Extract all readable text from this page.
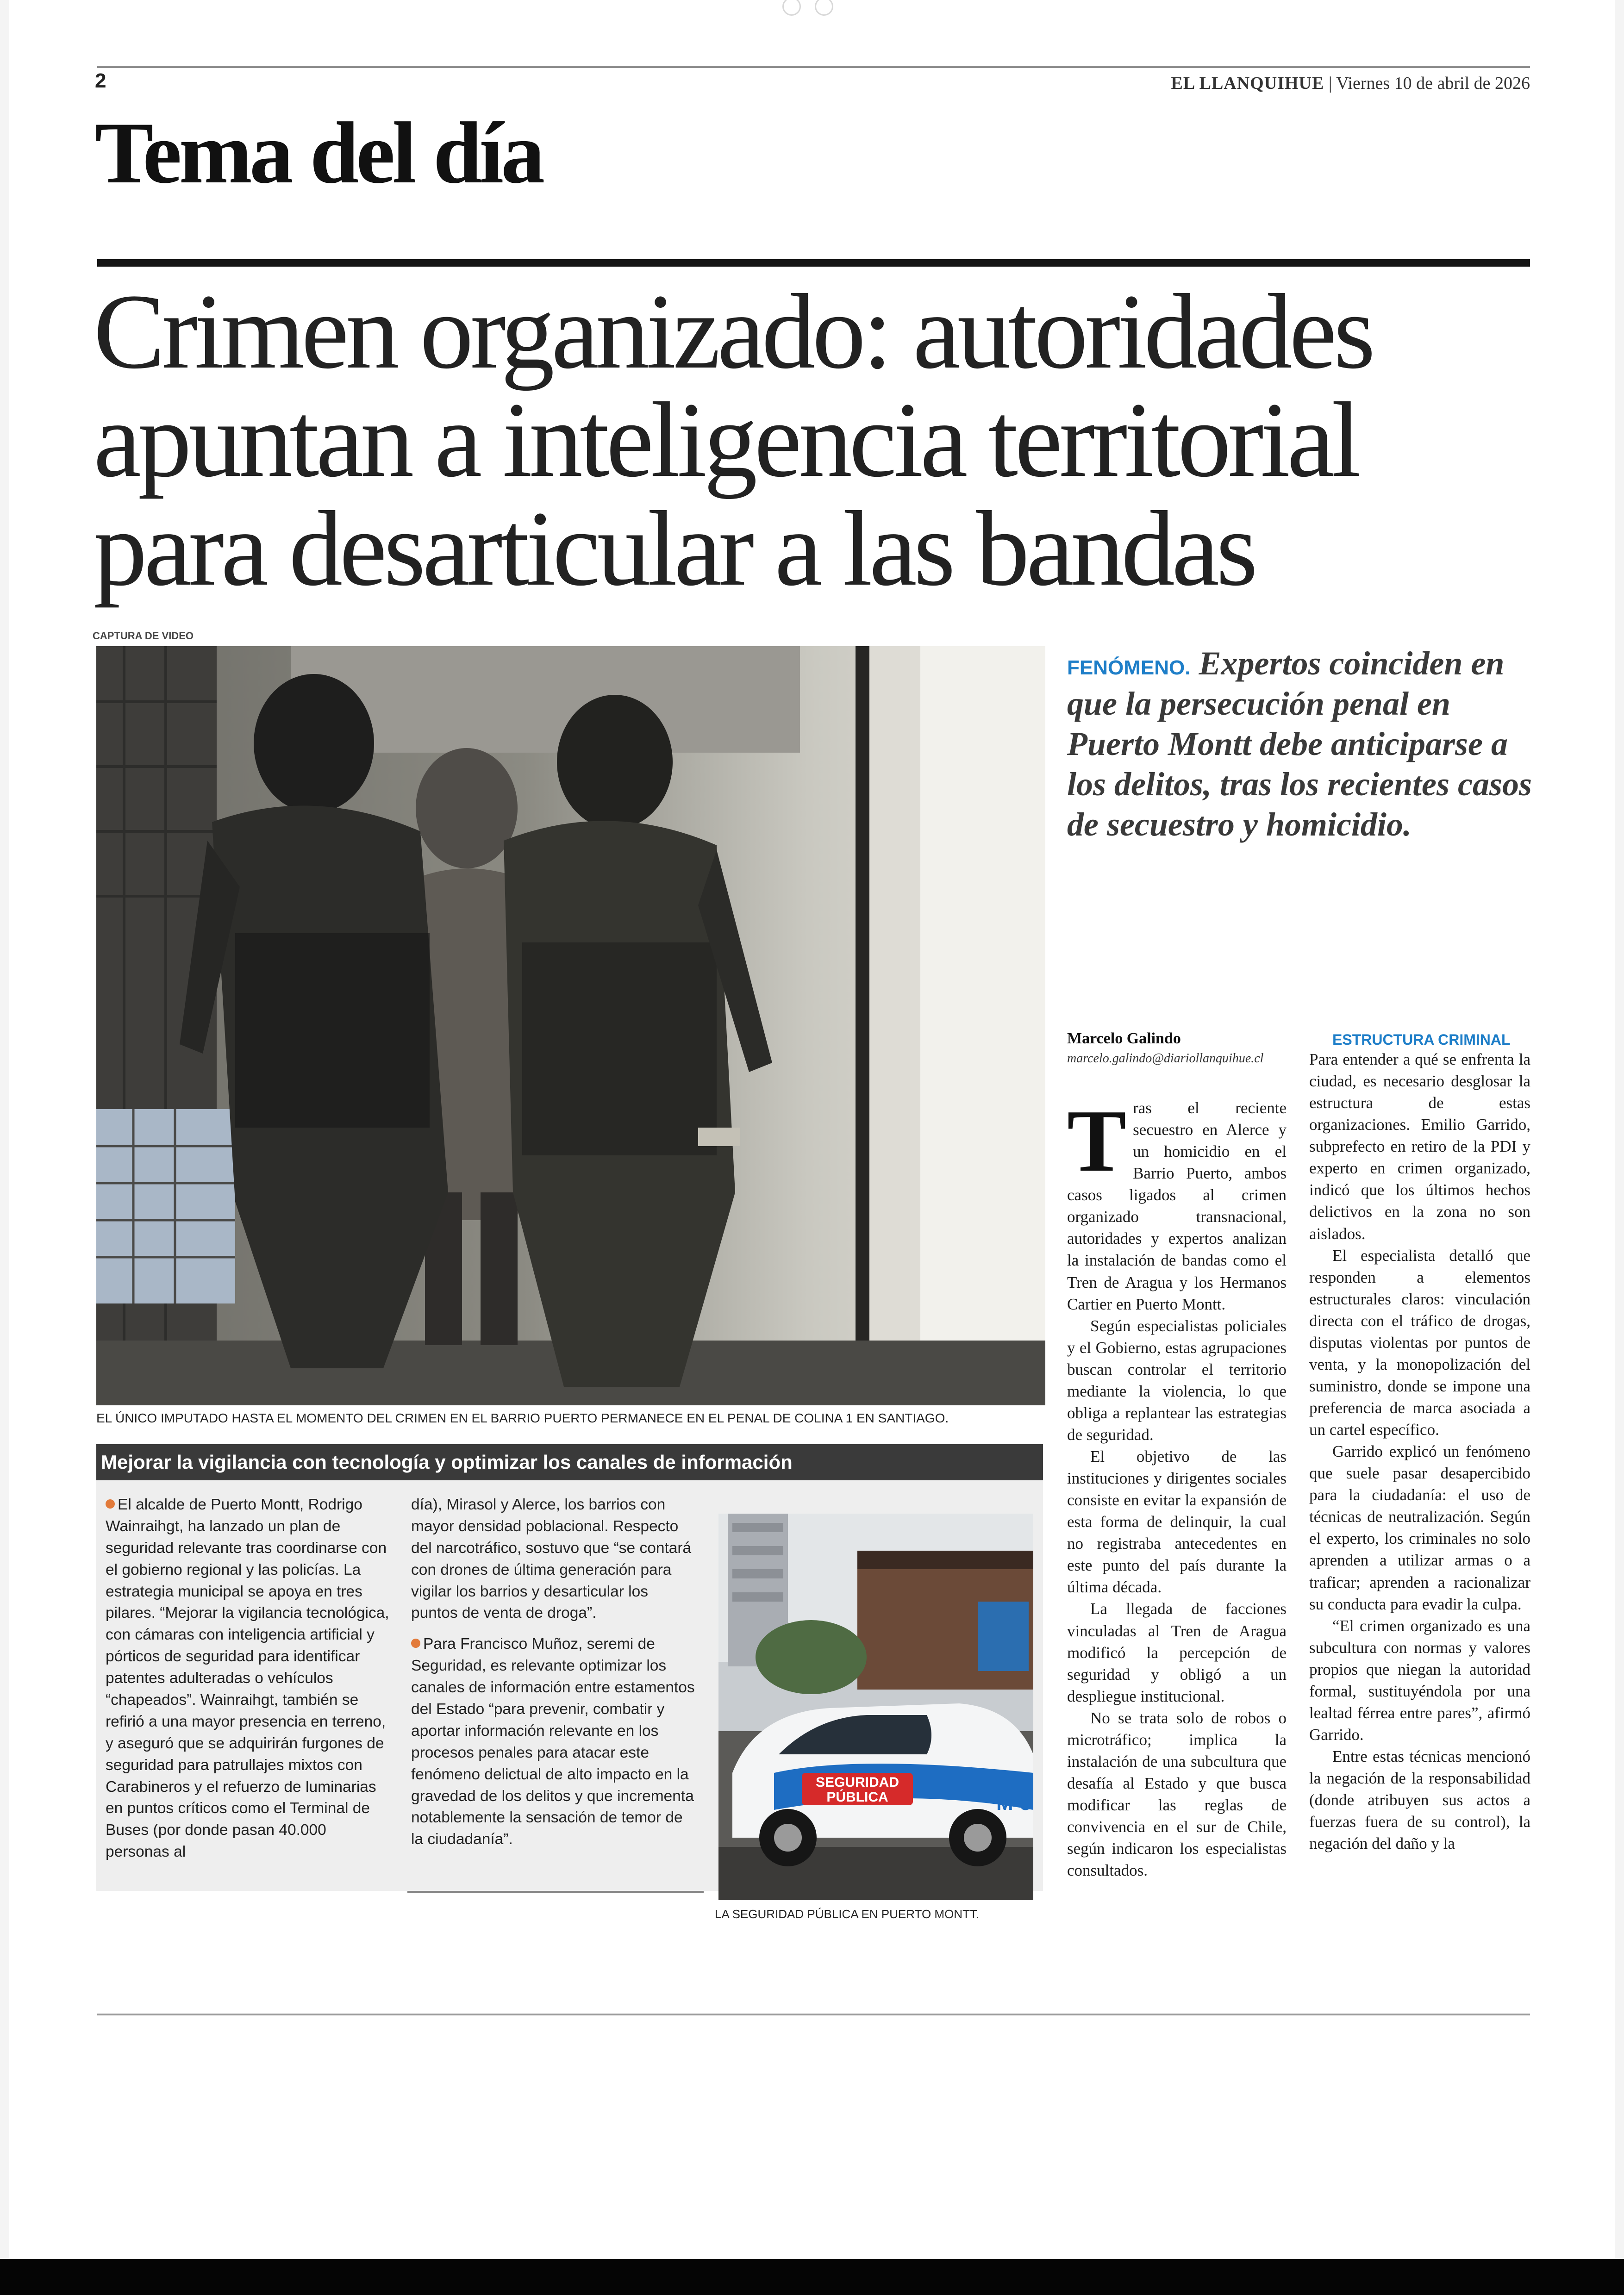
2	EL LLANQUIHUE | Viernes 10 de abril de 2026
Tema del día
Crimen organizado: autoridades apuntan a inteligencia territorial para desarticular a las bandas
CAPTURA DE VIDEO
EL ÚNICO IMPUTADO HASTA EL MOMENTO DEL CRIMEN EN EL BARRIO PUERTO PERMANECE EN EL PENAL DE COLINA 1 EN SANTIAGO.
FENÓMENO. Expertos coinciden en que la persecución penal en Puerto Montt debe anticiparse a los delitos, tras los recientes casos de secuestro y homicidio.
Marcelo Galindo
marcelo.galindo@diariollanquihue.cl

Tras el reciente secuestro en Alerce y un homicidio en el Barrio Puerto, ambos casos ligados al crimen organizado transnacional, autoridades y expertos analizan la instalación de bandas como el Tren de Aragua y los Hermanos Cartier en Puerto Montt.

Según especialistas policiales y el Gobierno, estas agrupaciones buscan controlar el territorio mediante la violencia, lo que obliga a replantear las estrategias de seguridad.

El objetivo de las instituciones y dirigentes sociales consiste en evitar la expansión de esta forma de delinquir, la cual no registraba antecedentes en este punto del país durante la última década.

La llegada de facciones vinculadas al Tren de Aragua modificó la percepción de seguridad y obligó a un despliegue institucional.

No se trata solo de robos o microtráfico; implica la instalación de una subcultura que desafía al Estado y que busca modificar las reglas de convivencia en el sur de Chile, según indicaron los especialistas consultados.

ESTRUCTURA CRIMINAL

Para entender a qué se enfrenta la ciudad, es necesario desglosar la estructura de estas organizaciones. Emilio Garrido, subprefecto en retiro de la PDI y experto en crimen organizado, indicó que los últimos hechos delictivos en la zona no son aislados.

El especialista detalló que responden a elementos estructurales claros: vinculación directa con el tráfico de drogas, disputas violentas por puntos de venta, y la monopolización del suministro, donde se impone una preferencia de marca asociada a un cartel específico.

Garrido explicó un fenómeno que suele pasar desapercibido para la ciudadanía: el uso de técnicas de neutralización. Según el experto, los criminales no solo aprenden a utilizar armas o a traficar; aprenden a racionalizar su conducta para evadir la culpa.

“El crimen organizado es una subcultura con normas y valores propios que niegan la autoridad formal, sustituyéndola por una lealtad férrea entre pares”, afirmó Garrido.

Entre estas técnicas mencionó la negación de la responsabilidad (donde atribuyen sus actos a fuerzas fuera de su control), la negación del daño y la

Mejorar la vigilancia con tecnología y optimizar los canales de información

El alcalde de Puerto Montt, Rodrigo Wainraihgt, ha lanzado un plan de seguridad relevante tras coordinarse con el gobierno regional y las policías. La estrategia municipal se apoya en tres pilares. “Mejorar la vigilancia tecnológica, con cámaras con inteligencia artificial y pórticos de seguridad para identificar patentes adulteradas o vehículos “chapeados”. Wainraihgt, también se refirió a una mayor presencia en terreno, y aseguró que se adquirirán furgones de seguridad para patrullajes mixtos con Carabineros y el refuerzo de luminarias en puntos críticos como el Terminal de Buses (por donde pasan 40.000 personas al

día), Mirasol y Alerce, los barrios con mayor densidad poblacional. Respecto del narcotráfico, sostuvo que “se contará con drones de última generación para vigilar los barrios y desarticular los puntos de venta de droga”.

Para Francisco Muñoz, seremi de Seguridad, es relevante optimizar los canales de información entre estamentos del Estado “para prevenir, combatir y aportar información relevante en los procesos penales para atacar este fenómeno delictual de alto impacto en la gravedad de los delitos y que incrementa notablemente la sensación de temor de la ciudadanía”.

SEGURIDAD
PÚBLICA	M-5
LA SEGURIDAD PÚBLICA EN PUERTO MONTT.
